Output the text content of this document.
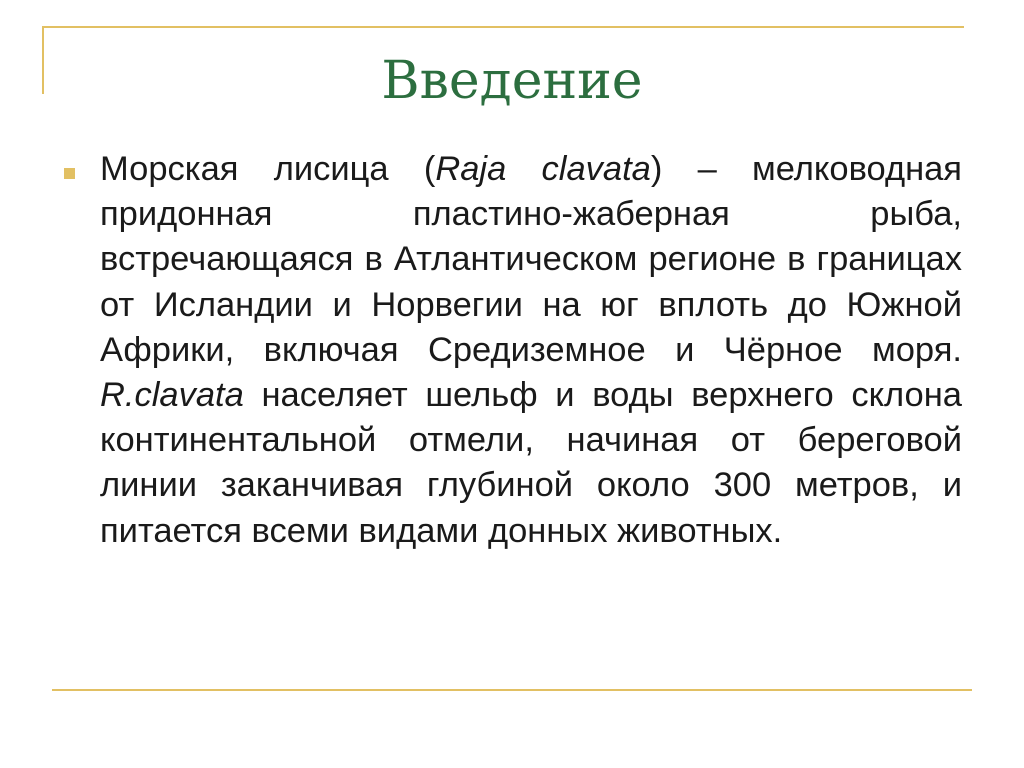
Введение

Морская лисица (Raja clavata) – мелководная придонная пластино-жаберная рыба, встречающаяся в Атлантическом регионе в границах от Исландии и Норвегии на юг вплоть до Южной Африки, включая Средиземное и Чёрное моря. R.clavata населяет шельф и воды верхнего склона континентальной отмели, начиная от береговой линии заканчивая глубиной около 300 метров, и питается всеми видами донных животных.
